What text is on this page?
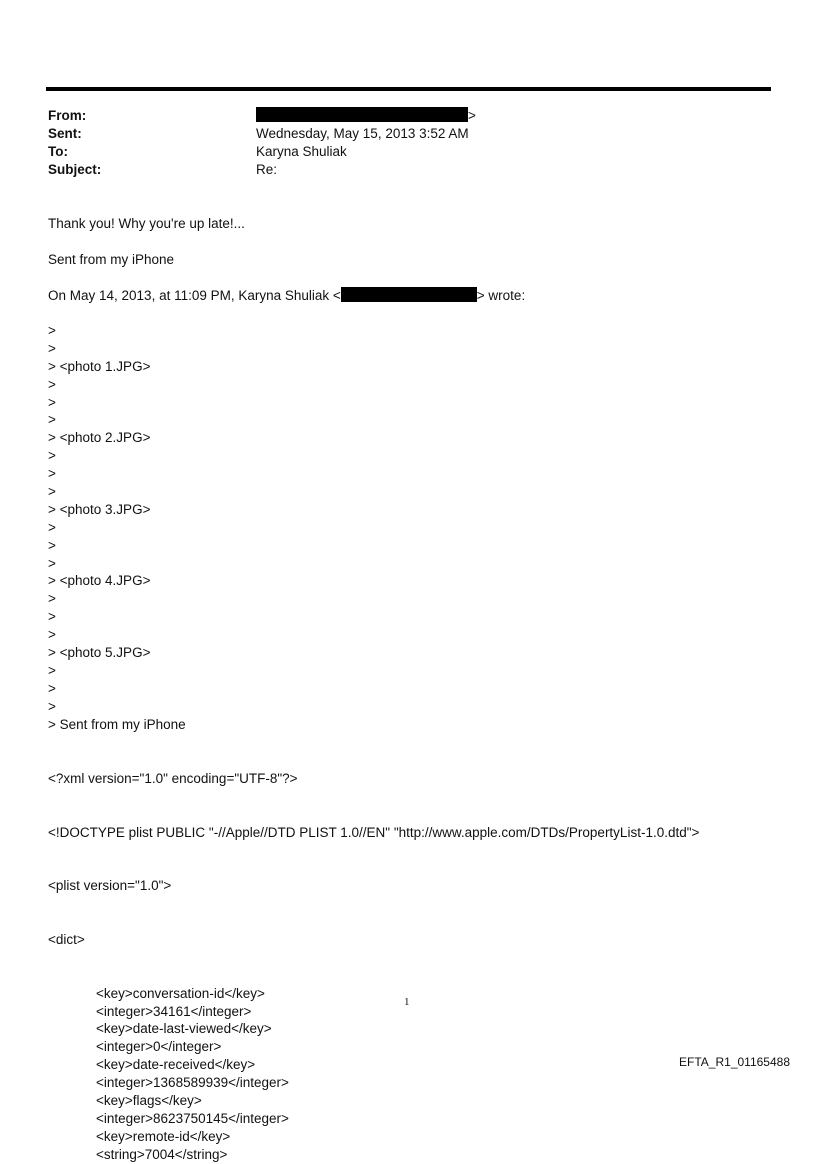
From:	>
Sent:	Wednesday, May 15, 2013 3:52 AM
To:	Karyna Shuliak
Subject:	Re:
Thank you! Why you're up late!...
Sent from my iPhone
On May 14, 2013, at 11:09 PM, Karyna Shuliak <	> wrote:
>
>
> <photo 1.JPG>
>
>
>
> <photo 2.JPG>
>
>
>
> <photo 3.JPG>
>
>
>
> <photo 4.JPG>
>
>
>
> <photo 5.JPG>
>
>
>
> Sent from my iPhone

<?xml version="1.0" encoding="UTF-8"?>

<!DOCTYPE plist PUBLIC "-//Apple//DTD PLIST 1.0//EN" "http://www.apple.com/DTDs/PropertyList-1.0.dtd">

<plist version="1.0">

<dict>

<key>conversation-id</key>
<integer>34161</integer>
<key>date-last-viewed</key>
<integer>0</integer>
<key>date-received</key>
<integer>1368589939</integer>
<key>flags</key>
<integer>8623750145</integer>
<key>remote-id</key>
<string>7004</string>

1
EFTA_R1_01165488
